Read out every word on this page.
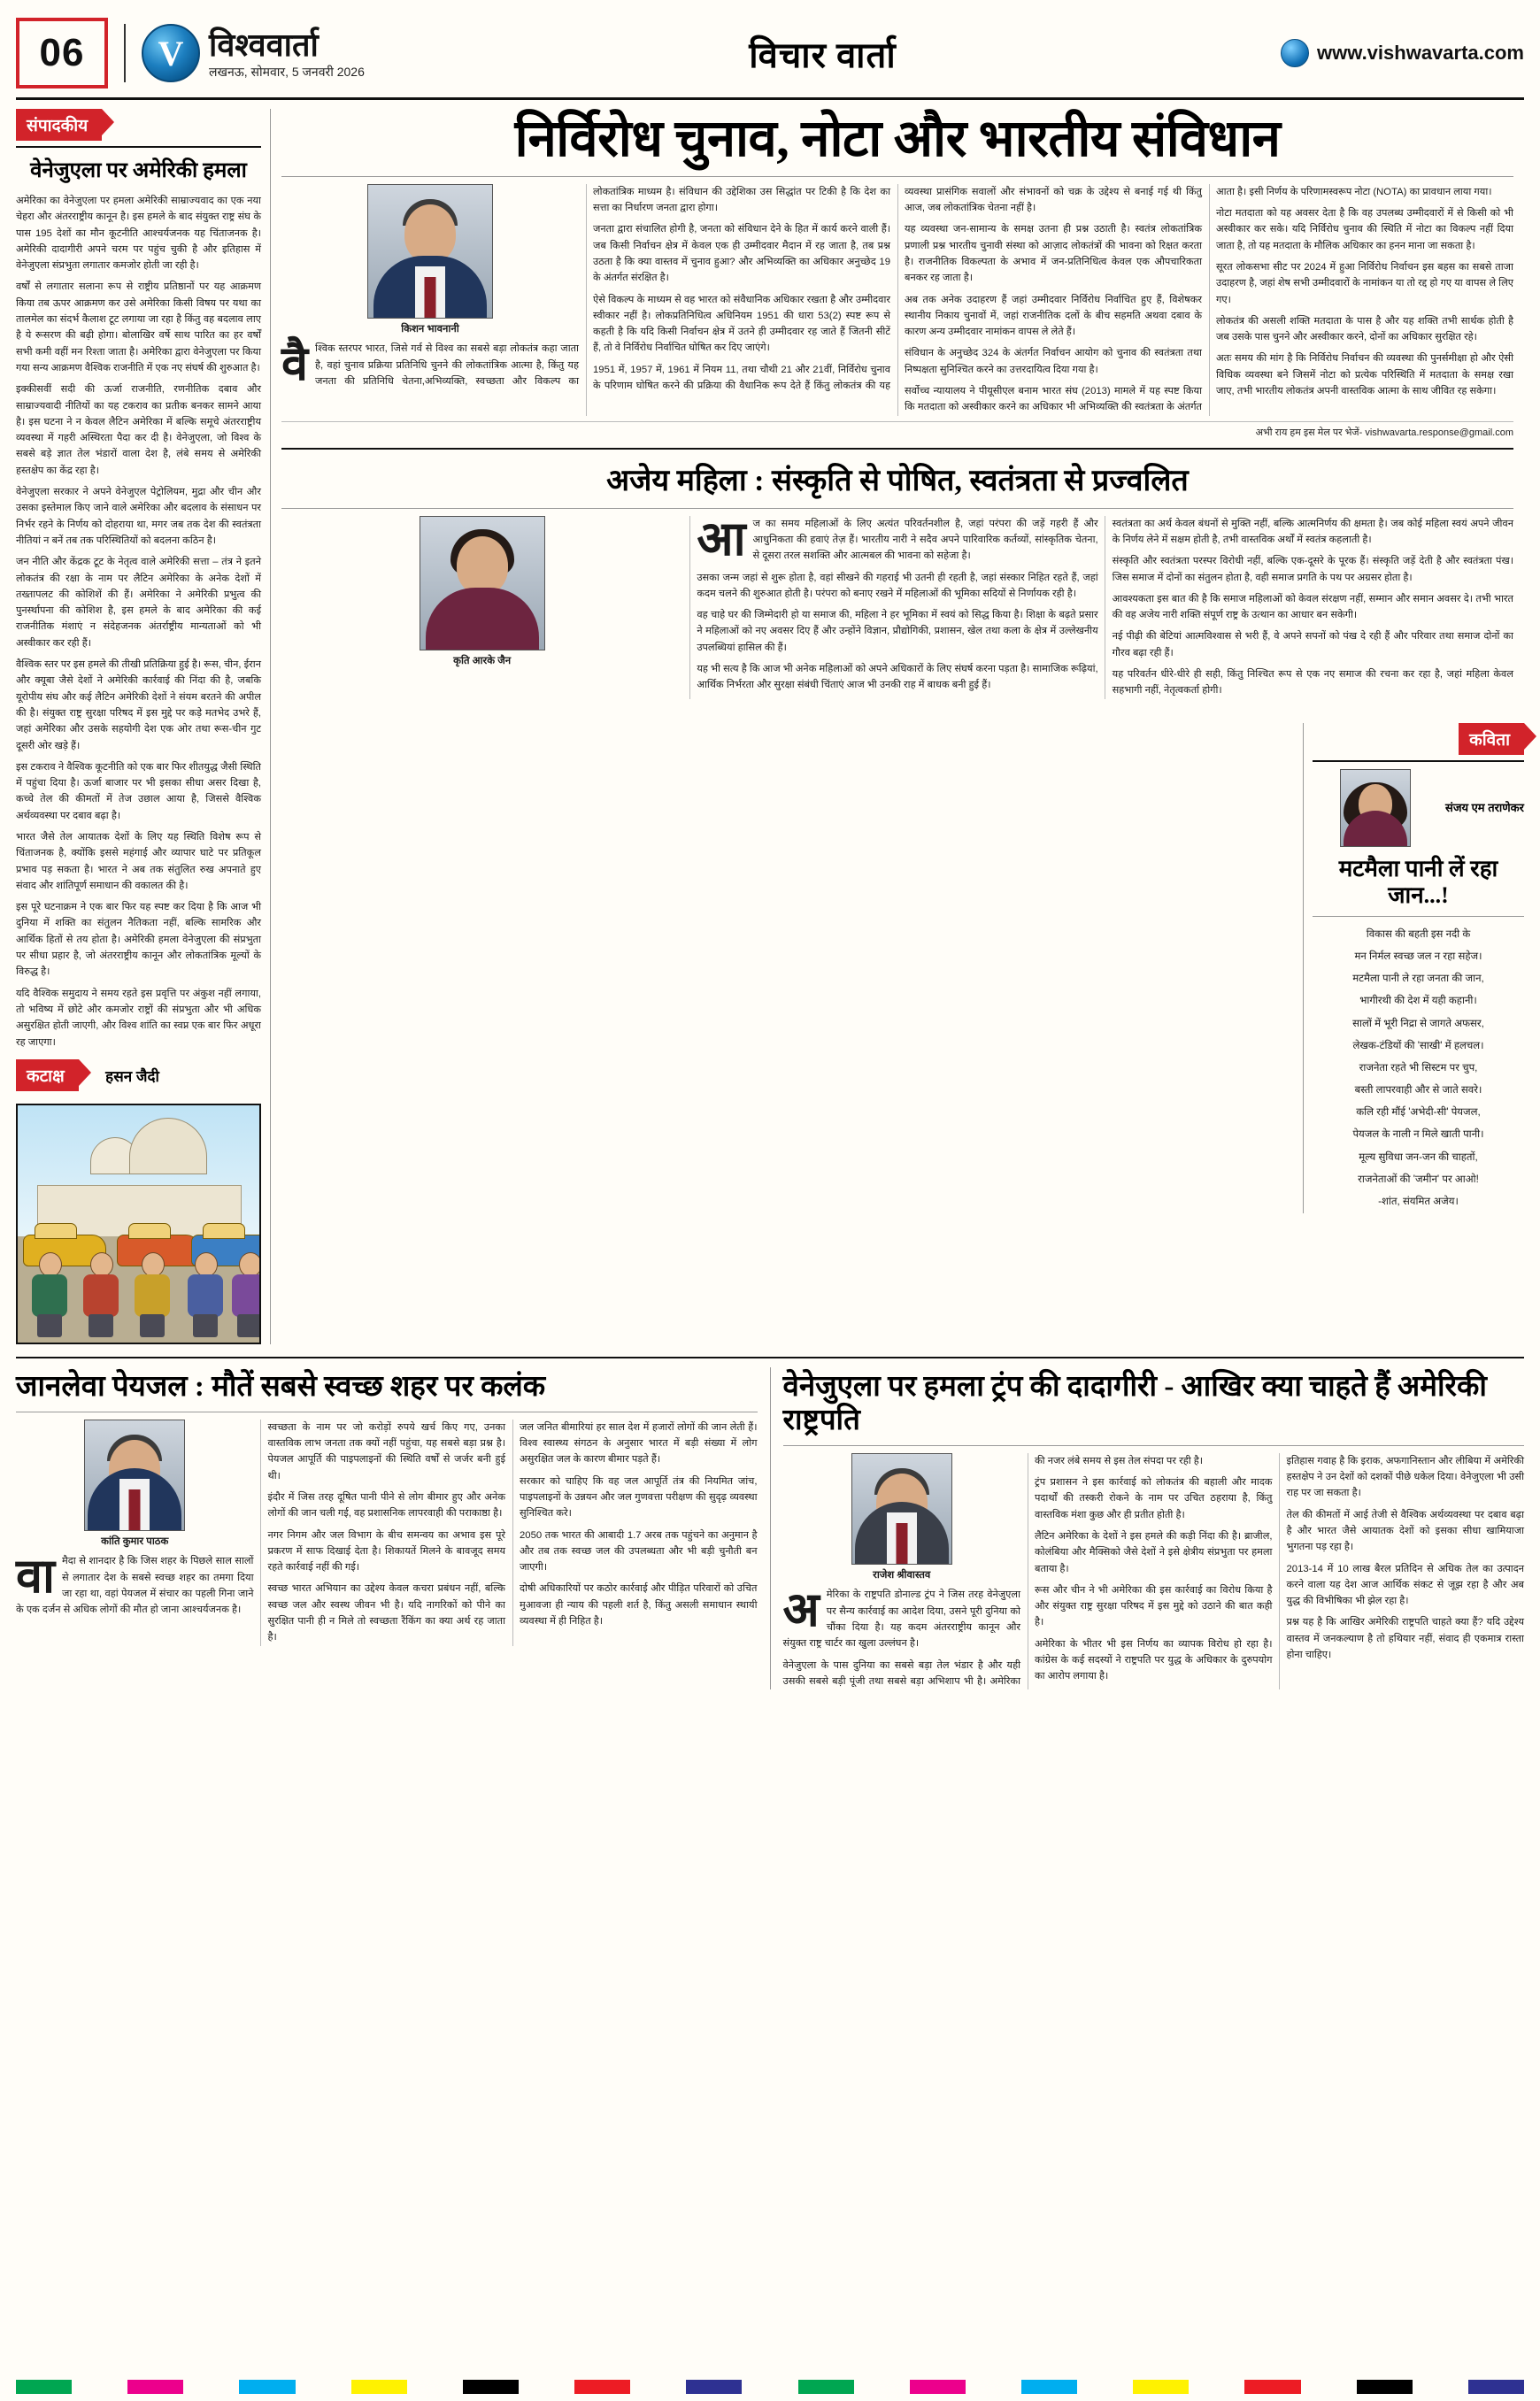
06 V	विश्ववार्ता
लखनऊ, सोमवार, 5 जनवरी 2026	विचार वार्ता	www.vishwavarta.com
संपादकीय
वेनेजुएला पर अमेरिकी हमला

अमेरिका का वेनेजुएला पर हमला अमेरिकी साम्राज्यवाद का एक नया चेहरा और अंतरराष्ट्रीय कानून है। इस हमले के बाद संयुक्त राष्ट्र संघ के पास 195 देशों का मौन कूटनीति आश्चर्यजनक यह चिंताजनक है। अमेरिकी दादागीरी अपने चरम पर पहुंच चुकी है और इतिहास में वेनेजुएला संप्रभुता लगातार कमजोर होती जा रही है।

वर्षों से लगातार सलाना रूप से राष्ट्रीय प्रतिष्ठानों पर यह आक्रमण किया तब ऊपर आक्रमण कर उसे अमेरिका किसी विषय पर यथा का तालमेल का संदर्भ कैलाश टूट लगाया जा रहा है किंतु वह बदलाव लाए है ये रूसरण की बढ़ी होगा। बोलाखिर वर्षे साथ पारित का हर वर्षों सभी कमी वहीं मन रिश्ता जाता है। अमेरिका द्वारा वेनेजुएला पर किया गया सन्य आक्रमण वैश्विक राजनीति में एक नए संघर्ष की शुरुआत है।

इक्कीसवीं सदी की ऊर्जा राजनीति, रणनीतिक दबाव और साम्राज्यवादी नीतियों का यह टकराव का प्रतीक बनकर सामने आया है। इस घटना ने न केवल लैटिन अमेरिका में बल्कि समूचे अंतरराष्ट्रीय व्यवस्था में गहरी अस्थिरता पैदा कर दी है। वेनेजुएला, जो विश्व के सबसे बड़े ज्ञात तेल भंडारों वाला देश है, लंबे समय से अमेरिकी हस्तक्षेप का केंद्र रहा है।

वेनेजुएला सरकार ने अपने वेनेजुएल पेट्रोलियम, मुद्रा और चीन और उसका इस्तेमाल किए जाने वाले अमेरिका और बदलाव के संसाधन पर निर्भर रहने के निर्णय को दोहराया था, मगर जब तक देश की स्वतंत्रता नीतियां न बनें तब तक परिस्थितियों को बदलना कठिन है।

जन नीति और केंद्रक टूट के नेतृत्व वाले अमेरिकी सत्ता – तंत्र ने इतने लोकतंत्र की रक्षा के नाम पर लैटिन अमेरिका के अनेक देशों में तख्तापलट की कोशिशें की हैं। अमेरिका ने अमेरिकी प्रभुत्व की पुनर्स्थापना की कोशिश है, इस हमले के बाद अमेरिका की कई राजनीतिक मंशाएं न संदेहजनक अंतर्राष्ट्रीय मान्यताओं को भी अस्वीकार कर रही हैं।

वैश्विक स्तर पर इस हमले की तीखी प्रतिक्रिया हुई है। रूस, चीन, ईरान और क्यूबा जैसे देशों ने अमेरिकी कार्रवाई की निंदा की है, जबकि यूरोपीय संघ और कई लैटिन अमेरिकी देशों ने संयम बरतने की अपील की है। संयुक्त राष्ट्र सुरक्षा परिषद में इस मुद्दे पर कड़े मतभेद उभरे हैं, जहां अमेरिका और उसके सहयोगी देश एक ओर तथा रूस-चीन गुट दूसरी ओर खड़े हैं।

इस टकराव ने वैश्विक कूटनीति को एक बार फिर शीतयुद्ध जैसी स्थिति में पहुंचा दिया है। ऊर्जा बाजार पर भी इसका सीधा असर दिखा है, कच्चे तेल की कीमतों में तेज उछाल आया है, जिससे वैश्विक अर्थव्यवस्था पर दबाव बढ़ा है।

भारत जैसे तेल आयातक देशों के लिए यह स्थिति विशेष रूप से चिंताजनक है, क्योंकि इससे महंगाई और व्यापार घाटे पर प्रतिकूल प्रभाव पड़ सकता है। भारत ने अब तक संतुलित रुख अपनाते हुए संवाद और शांतिपूर्ण समाधान की वकालत की है।

इस पूरे घटनाक्रम ने एक बार फिर यह स्पष्ट कर दिया है कि आज भी दुनिया में शक्ति का संतुलन नैतिकता नहीं, बल्कि सामरिक और आर्थिक हितों से तय होता है। अमेरिकी हमला वेनेजुएला की संप्रभुता पर सीधा प्रहार है, जो अंतरराष्ट्रीय कानून और लोकतांत्रिक मूल्यों के विरुद्ध है।

यदि वैश्विक समुदाय ने समय रहते इस प्रवृत्ति पर अंकुश नहीं लगाया, तो भविष्य में छोटे और कमजोर राष्ट्रों की संप्रभुता और भी अधिक असुरक्षित होती जाएगी, और विश्व शांति का स्वप्न एक बार फिर अधूरा रह जाएगा।

कटाक्ष	हसन जैदी
निर्विरोध चुनाव, नोटा और भारतीय संविधान
किशन भावनानी

वैश्विक स्तरपर भारत, जिसे गर्व से विश्व का सबसे बड़ा लोकतंत्र कहा जाता है, वहां चुनाव प्रक्रिया प्रतिनिधि चुनने की लोकतांत्रिक आत्मा है, किंतु यह जनता की प्रतिनिधि चेतना,अभिव्यक्ति, स्वच्छता और विकल्प का लोकतांत्रिक माध्यम है। संविधान की उद्देशिका उस सिद्धांत पर टिकी है कि देश का सत्ता का निर्धारण जनता द्वारा होगा।

जनता द्वारा संचालित होगी है, जनता को संविधान देने के हित में कार्य करने वाली हैं। जब किसी निर्वाचन क्षेत्र में केवल एक ही उम्मीदवार मैदान में रह जाता है, तब प्रश्न उठता है कि क्या वास्तव में चुनाव हुआ? और अभिव्यक्ति का अधिकार अनुच्छेद 19 के अंतर्गत संरक्षित है।

ऐसे विकल्प के माध्यम से वह भारत को संवैधानिक अधिकार रखता है और उम्मीदवार स्वीकार नहीं है। लोकप्रतिनिधित्व अधिनियम 1951 की धारा 53(2) स्पष्ट रूप से कहती है कि यदि किसी निर्वाचन क्षेत्र में उतने ही उम्मीदवार रह जाते हैं जितनी सीटें हैं, तो वे निर्विरोध निर्वाचित घोषित कर दिए जाएंगे।

1951 में, 1957 में, 1961 में नियम 11, तथा चौथी 21 और 21वीं, निर्विरोध चुनाव के परिणाम घोषित करने की प्रक्रिया की वैधानिक रूप देते हैं किंतु लोकतंत्र की यह व्यवस्था प्रासंगिक सवालों और संभावनों को चक्र के उद्देश्य से बनाई गई थी किंतु आज, जब लोकतांत्रिक चेतना नहीं है।

यह व्यवस्था जन-सामान्य के समक्ष उतना ही प्रश्न उठाती है। स्वतंत्र लोकतांत्रिक प्रणाली प्रश्न भारतीय चुनावी संस्था को आज़ाद लोकतंत्रों की भावना को रिक्षत करता है। राजनीतिक विकल्पता के अभाव में जन-प्रतिनिधित्व केवल एक औपचारिकता बनकर रह जाता है।

अब तक अनेक उदाहरण हैं जहां उम्मीदवार निर्विरोध निर्वाचित हुए हैं, विशेषकर स्थानीय निकाय चुनावों में, जहां राजनीतिक दलों के बीच सहमति अथवा दबाव के कारण अन्य उम्मीदवार नामांकन वापस ले लेते हैं।

संविधान के अनुच्छेद 324 के अंतर्गत निर्वाचन आयोग को चुनाव की स्वतंत्रता तथा निष्पक्षता सुनिश्चित करने का उत्तरदायित्व दिया गया है।

सर्वोच्च न्यायालय ने पीयूसीएल बनाम भारत संघ (2013) मामले में यह स्पष्ट किया कि मतदाता को अस्वीकार करने का अधिकार भी अभिव्यक्ति की स्वतंत्रता के अंतर्गत आता है। इसी निर्णय के परिणामस्वरूप नोटा (NOTA) का प्रावधान लाया गया।

नोटा मतदाता को यह अवसर देता है कि वह उपलब्ध उम्मीदवारों में से किसी को भी अस्वीकार कर सके। यदि निर्विरोध चुनाव की स्थिति में नोटा का विकल्प नहीं दिया जाता है, तो यह मतदाता के मौलिक अधिकार का हनन माना जा सकता है।

सूरत लोकसभा सीट पर 2024 में हुआ निर्विरोध निर्वाचन इस बहस का सबसे ताजा उदाहरण है, जहां शेष सभी उम्मीदवारों के नामांकन या तो रद्द हो गए या वापस ले लिए गए।

लोकतंत्र की असली शक्ति मतदाता के पास है और यह शक्ति तभी सार्थक होती है जब उसके पास चुनने और अस्वीकार करने, दोनों का अधिकार सुरक्षित रहे।

अतः समय की मांग है कि निर्विरोध निर्वाचन की व्यवस्था की पुनर्समीक्षा हो और ऐसी विधिक व्यवस्था बने जिसमें नोटा को प्रत्येक परिस्थिति में मतदाता के समक्ष रखा जाए, तभी भारतीय लोकतंत्र अपनी वास्तविक आत्मा के साथ जीवित रह सकेगा।

अभी राय हम इस मेल पर भेजें- vishwavarta.response@gmail.com
अजेय महिला : संस्कृति से पोषित, स्वतंत्रता से प्रज्वलित
कृति आरके जैन

आज का समय महिलाओं के लिए अत्यंत परिवर्तनशील है, जहां परंपरा की जड़ें गहरी हैं और आधुनिकता की हवाएं तेज़ हैं। भारतीय नारी ने सदैव अपने पारिवारिक कर्तव्यों, सांस्कृतिक चेतना, से दूसरा तरल सशक्ति और आत्मबल की भावना को सहेजा है।

उसका जन्म जहां से शुरू होता है, वहां सीखने की गहराई भी उतनी ही रहती है, जहां संस्कार निहित रहते हैं, जहां कदम चलने की शुरुआत होती है। परंपरा को बनाए रखने में महिलाओं की भूमिका सदियों से निर्णायक रही है।

वह चाहे घर की जिम्मेदारी हो या समाज की, महिला ने हर भूमिका में स्वयं को सिद्ध किया है। शिक्षा के बढ़ते प्रसार ने महिलाओं को नए अवसर दिए हैं और उन्होंने विज्ञान, प्रौद्योगिकी, प्रशासन, खेल तथा कला के क्षेत्र में उल्लेखनीय उपलब्धियां हासिल की हैं।

यह भी सत्य है कि आज भी अनेक महिलाओं को अपने अधिकारों के लिए संघर्ष करना पड़ता है। सामाजिक रूढ़ियां, आर्थिक निर्भरता और सुरक्षा संबंधी चिंताएं आज भी उनकी राह में बाधक बनी हुई हैं।

स्वतंत्रता का अर्थ केवल बंधनों से मुक्ति नहीं, बल्कि आत्मनिर्णय की क्षमता है। जब कोई महिला स्वयं अपने जीवन के निर्णय लेने में सक्षम होती है, तभी वास्तविक अर्थों में स्वतंत्र कहलाती है।

संस्कृति और स्वतंत्रता परस्पर विरोधी नहीं, बल्कि एक-दूसरे के पूरक हैं। संस्कृति जड़ें देती है और स्वतंत्रता पंख। जिस समाज में दोनों का संतुलन होता है, वही समाज प्रगति के पथ पर अग्रसर होता है।

आवश्यकता इस बात की है कि समाज महिलाओं को केवल संरक्षण नहीं, सम्मान और समान अवसर दे। तभी भारत की वह अजेय नारी शक्ति संपूर्ण राष्ट्र के उत्थान का आधार बन सकेगी।

नई पीढ़ी की बेटियां आत्मविश्वास से भरी हैं, वे अपने सपनों को पंख दे रही हैं और परिवार तथा समाज दोनों का गौरव बढ़ा रही हैं।

यह परिवर्तन धीरे-धीरे ही सही, किंतु निश्चित रूप से एक नए समाज की रचना कर रहा है, जहां महिला केवल सहभागी नहीं, नेतृत्वकर्ता होगी।

कविता
संजय एम तराणेकर
मटमैला पानी लें रहा जान...!
विकास की बहती इस नदी के
मन निर्मल स्वच्छ जल न रहा सहेज।
मटमैला पानी ले रहा जनता की जान,
भागीरथी की देश में यही कहानी।
सालों में भूरी निद्रा से जागते अफसर,
लेखक-टंडियों की 'साखी' में हलचल।
राजनेता रहते भी सिस्टम पर चुप,
बस्ती लापरवाही और से जाते सवरे।
कलि रही मौंई 'अभेदी-सी' पेयजल,
पेयजल के नाली न मिले खाती पानी।
मूल्य सुविधा जन-जन की चाहतों,
राजनेताओं की 'जमीन' पर आओ!
-शांत, संयमित अजेय।
जानलेवा पेयजल : मौतें सबसे स्वच्छ शहर पर कलंक
कांति कुमार पाठक

वामैदा से शानदार है कि जिस शहर के पिछले साल सालों से लगातार देश के सबसे स्वच्छ शहर का तमगा दिया जा रहा था, वहां पेयजल में संचार का पहली गिना जाने के एक दर्जन से अधिक लोगों की मौत हो जाना आश्चर्यजनक है।

स्वच्छता के नाम पर जो करोड़ों रुपये खर्च किए गए, उनका वास्तविक लाभ जनता तक क्यों नहीं पहुंचा, यह सबसे बड़ा प्रश्न है। पेयजल आपूर्ति की पाइपलाइनों की स्थिति वर्षों से जर्जर बनी हुई थी।

इंदौर में जिस तरह दूषित पानी पीने से लोग बीमार हुए और अनेक लोगों की जान चली गई, वह प्रशासनिक लापरवाही की पराकाष्ठा है।

नगर निगम और जल विभाग के बीच समन्वय का अभाव इस पूरे प्रकरण में साफ दिखाई देता है। शिकायतें मिलने के बावजूद समय रहते कार्रवाई नहीं की गई।

स्वच्छ भारत अभियान का उद्देश्य केवल कचरा प्रबंधन नहीं, बल्कि स्वच्छ जल और स्वस्थ जीवन भी है। यदि नागरिकों को पीने का सुरक्षित पानी ही न मिले तो स्वच्छता रैंकिंग का क्या अर्थ रह जाता है।

जल जनित बीमारियां हर साल देश में हजारों लोगों की जान लेती हैं। विश्व स्वास्थ्य संगठन के अनुसार भारत में बड़ी संख्या में लोग असुरक्षित जल के कारण बीमार पड़ते हैं।

सरकार को चाहिए कि वह जल आपूर्ति तंत्र की नियमित जांच, पाइपलाइनों के उन्नयन और जल गुणवत्ता परीक्षण की सुदृढ़ व्यवस्था सुनिश्चित करे।

2050 तक भारत की आबादी 1.7 अरब तक पहुंचने का अनुमान है और तब तक स्वच्छ जल की उपलब्धता और भी बड़ी चुनौती बन जाएगी।

दोषी अधिकारियों पर कठोर कार्रवाई और पीड़ित परिवारों को उचित मुआवजा ही न्याय की पहली शर्त है, किंतु असली समाधान स्थायी व्यवस्था में ही निहित है।

वेनेजुएला पर हमला ट्रंप की दादागीरी - आखिर क्या चाहते हैं अमेरिकी राष्ट्रपति
राजेश श्रीवास्तव

अमेरिका के राष्ट्रपति डोनाल्ड ट्रंप ने जिस तरह वेनेजुएला पर सैन्य कार्रवाई का आदेश दिया, उसने पूरी दुनिया को चौंका दिया है। यह कदम अंतरराष्ट्रीय कानून और संयुक्त राष्ट्र चार्टर का खुला उल्लंघन है।

वेनेजुएला के पास दुनिया का सबसे बड़ा तेल भंडार है और यही उसकी सबसे बड़ी पूंजी तथा सबसे बड़ा अभिशाप भी है। अमेरिका की नजर लंबे समय से इस तेल संपदा पर रही है।

ट्रंप प्रशासन ने इस कार्रवाई को लोकतंत्र की बहाली और मादक पदार्थों की तस्करी रोकने के नाम पर उचित ठहराया है, किंतु वास्तविक मंशा कुछ और ही प्रतीत होती है।

लैटिन अमेरिका के देशों ने इस हमले की कड़ी निंदा की है। ब्राजील, कोलंबिया और मैक्सिको जैसे देशों ने इसे क्षेत्रीय संप्रभुता पर हमला बताया है।

रूस और चीन ने भी अमेरिका की इस कार्रवाई का विरोध किया है और संयुक्त राष्ट्र सुरक्षा परिषद में इस मुद्दे को उठाने की बात कही है।

अमेरिका के भीतर भी इस निर्णय का व्यापक विरोध हो रहा है। कांग्रेस के कई सदस्यों ने राष्ट्रपति पर युद्ध के अधिकार के दुरुपयोग का आरोप लगाया है।

इतिहास गवाह है कि इराक, अफगानिस्तान और लीबिया में अमेरिकी हस्तक्षेप ने उन देशों को दशकों पीछे धकेल दिया। वेनेजुएला भी उसी राह पर जा सकता है।

तेल की कीमतों में आई तेजी से वैश्विक अर्थव्यवस्था पर दबाव बढ़ा है और भारत जैसे आयातक देशों को इसका सीधा खामियाजा भुगतना पड़ रहा है।

2013-14 में 10 लाख बैरल प्रतिदिन से अधिक तेल का उत्पादन करने वाला यह देश आज आर्थिक संकट से जूझ रहा है और अब युद्ध की विभीषिका भी झेल रहा है।

प्रश्न यह है कि आखिर अमेरिकी राष्ट्रपति चाहते क्या हैं? यदि उद्देश्य वास्तव में जनकल्याण है तो हथियार नहीं, संवाद ही एकमात्र रास्ता होना चाहिए।
